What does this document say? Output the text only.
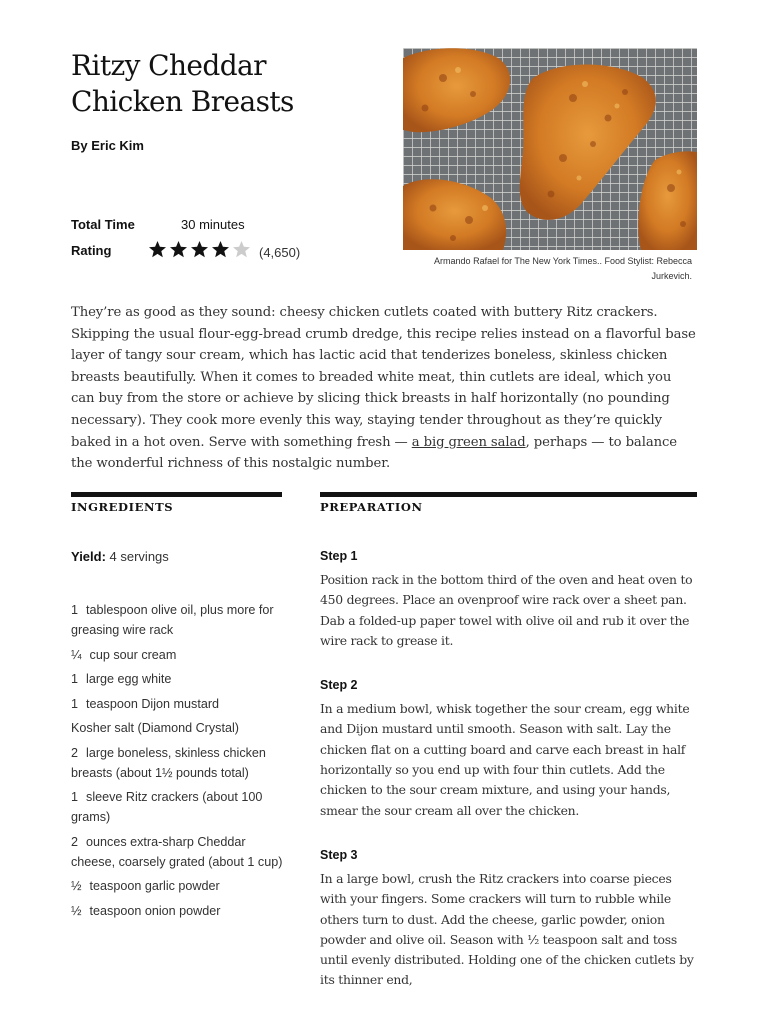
Ritzy Cheddar Chicken Breasts
By Eric Kim
Total Time	30 minutes
Rating	(4,650)
Armando Rafael for The New York Times.. Food Stylist: Rebecca Jurkevich.

They’re as good as they sound: cheesy chicken cutlets coated with buttery Ritz crackers. Skipping the usual flour-egg-bread crumb dredge, this recipe relies instead on a flavorful base layer of tangy sour cream, which has lactic acid that tenderizes boneless, skinless chicken breasts beautifully. When it comes to breaded white meat, thin cutlets are ideal, which you can buy from the store or achieve by slicing thick breasts in half horizontally (no pounding necessary). They cook more evenly this way, staying tender throughout as they’re quickly baked in a hot oven. Serve with something fresh — a big green salad, perhaps — to balance the wonderful richness of this nostalgic number.

INGREDIENTS	PREPARATION
Yield: 4 servings
1 tablespoon olive oil, plus more for greasing wire rack
¼ cup sour cream
1 large egg white
1 teaspoon Dijon mustard
Kosher salt (Diamond Crystal)
2 large boneless, skinless chicken breasts (about 1½ pounds total)
1 sleeve Ritz crackers (about 100 grams)
2 ounces extra-sharp Cheddar cheese, coarsely grated (about 1 cup)
½ teaspoon garlic powder
½ teaspoon onion powder
Step 1

Position rack in the bottom third of the oven and heat oven to 450 degrees. Place an ovenproof wire rack over a sheet pan. Dab a folded-up paper towel with olive oil and rub it over the wire rack to grease it.

Step 2

In a medium bowl, whisk together the sour cream, egg white and Dijon mustard until smooth. Season with salt. Lay the chicken flat on a cutting board and carve each breast in half horizontally so you end up with four thin cutlets. Add the chicken to the sour cream mixture, and using your hands, smear the sour cream all over the chicken.

Step 3

In a large bowl, crush the Ritz crackers into coarse pieces with your fingers. Some crackers will turn to rubble while others turn to dust. Add the cheese, garlic powder, onion powder and olive oil. Season with ½ teaspoon salt and toss until evenly distributed. Holding one of the chicken cutlets by its thinner end,
